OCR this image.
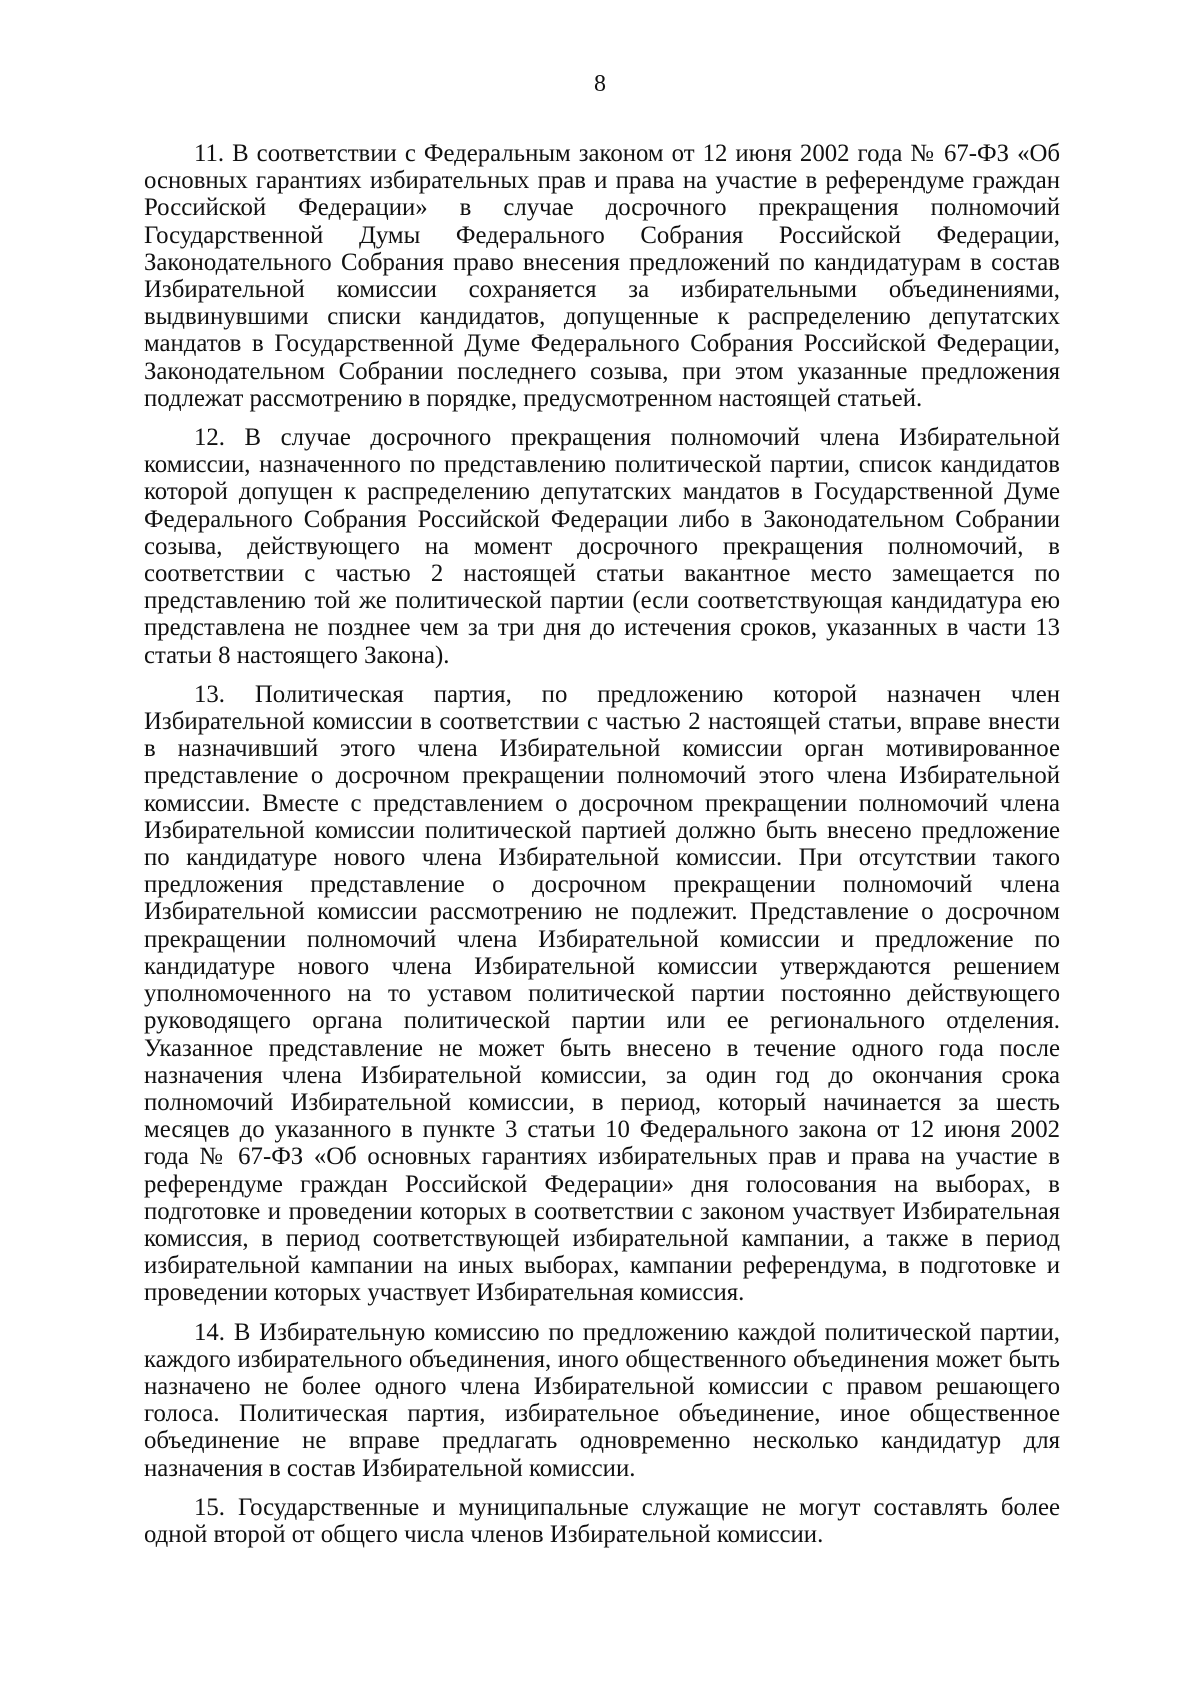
8

11. В соответствии с Федеральным законом от 12 июня 2002 года № 67-ФЗ «Об основных гарантиях избирательных прав и права на участие в референдуме граждан Российской Федерации» в случае досрочного прекращения полномочий Государственной Думы Федерального Собрания Российской Федерации, Законодательного Собрания право внесения предложений по кандидатурам в состав Избирательной комиссии сохраняется за избирательными объединениями, выдвинувшими списки кандидатов, допущенные к распределению депутатских мандатов в Государственной Думе Федерального Собрания Российской Федерации, Законодательном Собрании последнего созыва, при этом указанные предложения подлежат рассмотрению в порядке, предусмотренном настоящей статьей.

12. В случае досрочного прекращения полномочий члена Избирательной комиссии, назначенного по представлению политической партии, список кандидатов которой допущен к распределению депутатских мандатов в Государственной Думе Федерального Собрания Российской Федерации либо в Законодательном Собрании созыва, действующего на момент досрочного прекращения полномочий, в соответствии с частью 2 настоящей статьи вакантное место замещается по представлению той же политической партии (если соответствующая кандидатура ею представлена не позднее чем за три дня до истечения сроков, указанных в части 13 статьи 8 настоящего Закона).

13. Политическая партия, по предложению которой назначен член Избирательной комиссии в соответствии с частью 2 настоящей статьи, вправе внести в назначивший этого члена Избирательной комиссии орган мотивированное представление о досрочном прекращении полномочий этого члена Избирательной комиссии. Вместе с представлением о досрочном прекращении полномочий члена Избирательной комиссии политической партией должно быть внесено предложение по кандидатуре нового члена Избирательной комиссии. При отсутствии такого предложения представление о досрочном прекращении полномочий члена Избирательной комиссии рассмотрению не подлежит. Представление о досрочном прекращении полномочий члена Избирательной комиссии и предложение по кандидатуре нового члена Избирательной комиссии утверждаются решением уполномоченного на то уставом политической партии постоянно действующего руководящего органа политической партии или ее регионального отделения. Указанное представление не может быть внесено в течение одного года после назначения члена Избирательной комиссии, за один год до окончания срока полномочий Избирательной комиссии, в период, который начинается за шесть месяцев до указанного в пункте 3 статьи 10 Федерального закона от 12 июня 2002 года № 67-ФЗ «Об основных гарантиях избирательных прав и права на участие в референдуме граждан Российской Федерации» дня голосования на выборах, в подготовке и проведении которых в соответствии с законом участвует Избирательная комиссия, в период соответствующей избирательной кампании, а также в период избирательной кампании на иных выборах, кампании референдума, в подготовке и проведении которых участвует Избирательная комиссия.

14. В Избирательную комиссию по предложению каждой политической партии, каждого избирательного объединения, иного общественного объединения может быть назначено не более одного члена Избирательной комиссии с правом решающего голоса. Политическая партия, избирательное объединение, иное общественное объединение не вправе предлагать одновременно несколько кандидатур для назначения в состав Избирательной комиссии.

15. Государственные и муниципальные служащие не могут составлять более одной второй от общего числа членов Избирательной комиссии.
